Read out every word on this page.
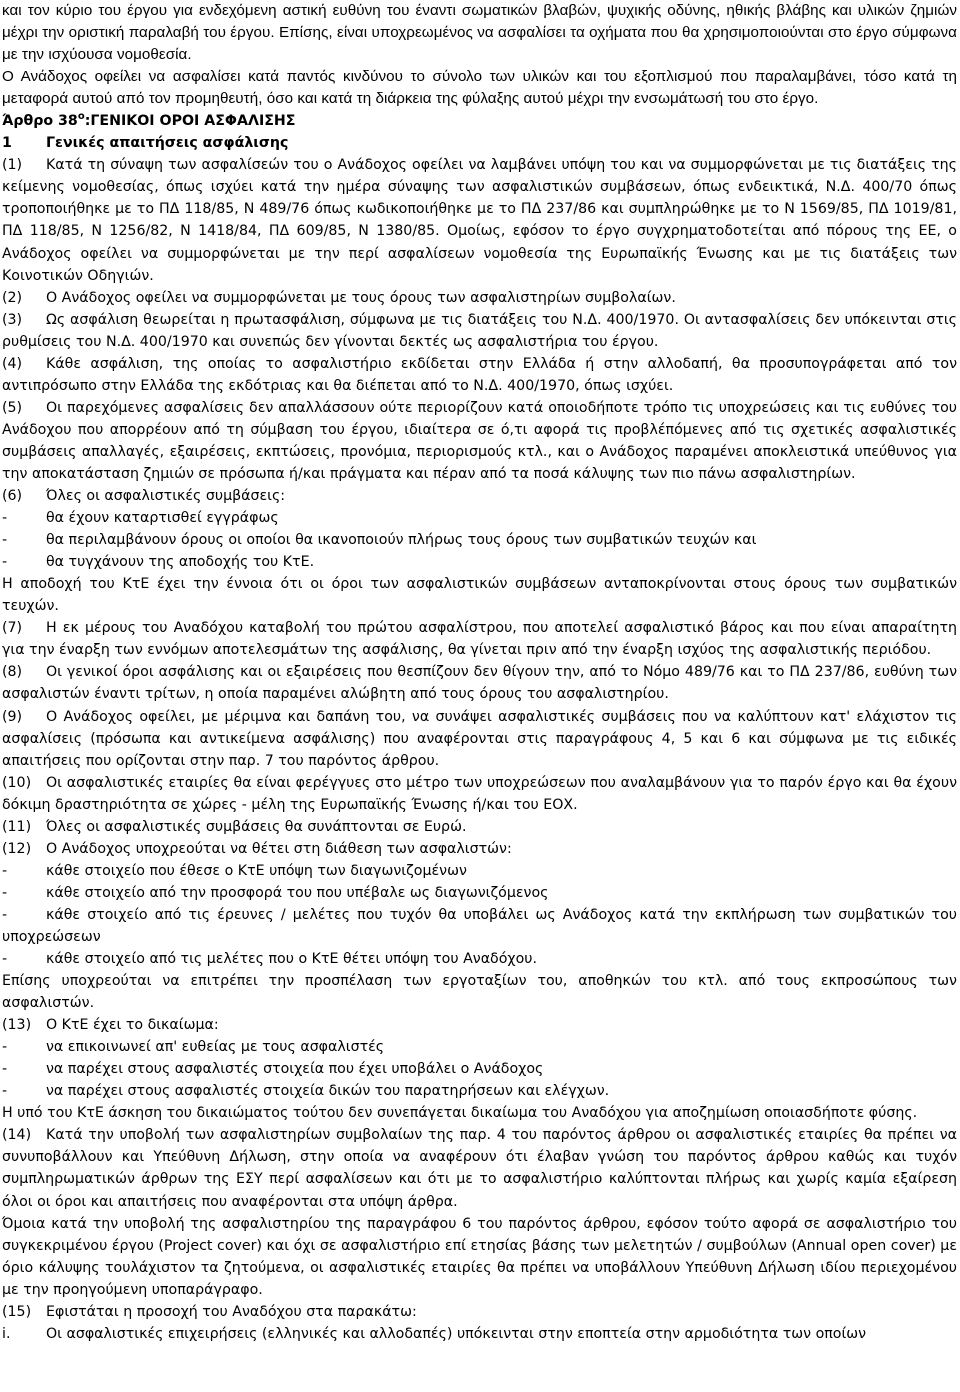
και τον κύριο του έργου για ενδεχόμενη αστική ευθύνη του έναντι σωματικών βλαβών, ψυχικής οδύνης, ηθικής βλάβης και υλικών ζημιών μέχρι την οριστική παραλαβή του έργου. Επίσης, είναι υποχρεωμένος να ασφαλίσει τα οχήματα που θα χρησιμοποιούνται στο έργο σύμφωνα με την ισχύουσα νομοθεσία.

Ο Ανάδοχος οφείλει να ασφαλίσει κατά παντός κινδύνου το σύνολο των υλικών και του εξοπλισμού που παραλαμβάνει, τόσο κατά τη μεταφορά αυτού από τον προμηθευτή, όσο και κατά τη διάρκεια της φύλαξης αυτού μέχρι την ενσωμάτωσή του στο έργο.

Άρθρο $38^o:\Gamma ENIKOI$ ΟΡΟΙ ΑΣΦΑΛΙΣΗΣ

1 Γενικές απαιτήσεις ασφάλισης

(1) Κατά τη σύναψη των ασφαλίσεών του ο Ανάδοχος οφείλει να λαμβάνει υπόψη του και να συμμορφώνεται με τις διατάξεις της κείμενης νομοθεσίας, όπως ισχύει κατά την ημέρα σύναψης των ασφαλιστικών συμβάσεων, όπως ενδεικτικά, Ν.Δ. 400/70 όπως τροποποιήθηκε με το ΠΔ 118/85, Ν 489/76 όπως κωδικοποιήθηκε με το ΠΔ 237/86 και συμπληρώθηκε με το Ν 1569/85, ΠΔ 1019/81, ΠΔ 118/85, Ν 1256/82, Ν 1418/84, ΠΔ 609/85, Ν 1380/85. Ομοίως, εφόσον το έργο συγχρηματοδοτείται από πόρους της ΕΕ, ο Ανάδοχος οφείλει να συμμορφώνεται με την περί ασφαλίσεων νομοθεσία της Ευρωπαϊκής Ένωσης και με τις διατάξεις των Κοινοτικών Οδηγιών.

(2) Ο Ανάδοχος οφείλει να συμμορφώνεται με τους όρους των ασφαλιστηρίων συμβολαίων.

(3) Ως ασφάλιση θεωρείται η πρωτασφάλιση, σύμφωνα με τις διατάξεις του Ν.Δ. 400/1970. Οι αντασφαλίσεις δεν υπόκεινται στις ρυθμίσεις του Ν.Δ. 400/1970 και συνεπώς δεν γίνονται δεκτές ως ασφαλιστήρια του έργου.

(4) Κάθε ασφάλιση, της οποίας το ασφαλιστήριο εκδίδεται στην Ελλάδα ή στην αλλοδαπή, θα προσυπογράφεται από τον αντιπρόσωπο στην Ελλάδα της εκδότριας και θα διέπεται από το Ν.Δ. 400/1970, όπως ισχύει.

(5) Οι παρεχόμενες ασφαλίσεις δεν απαλλάσσουν ούτε περιορίζουν κατά οποιοδήποτε τρόπο τις υποχρεώσεις και τις ευθύνες του Ανάδοχου που απορρέουν από τη σύμβαση του έργου, ιδιαίτερα σε ό,τι αφορά τις προβλέπόμενες από τις σχετικές ασφαλιστικές συμβάσεις απαλλαγές, εξαιρέσεις, εκπτώσεις, προνόμια, περιορισμούς κτλ., και ο Ανάδοχος παραμένει αποκλειστικά υπεύθυνος για την αποκατάσταση ζημιών σε πρόσωπα ή/και πράγματα και πέραν από τα ποσά κάλυψης των πιο πάνω ασφαλιστηρίων.

(6) Όλες οι ασφαλιστικές συμβάσεις:

-	θα έχουν καταρτισθεί εγγράφως

-	θα περιλαμβάνουν όρους οι οποίοι θα ικανοποιούν πλήρως τους όρους των συμβατικών τευχών και

-	θα τυγχάνουν της αποδοχής του ΚτΕ.

Η αποδοχή του ΚτΕ έχει την έννοια ότι οι όροι των ασφαλιστικών συμβάσεων ανταποκρίνονται στους όρους των συμβατικών τευχών.

(7) Η εκ μέρους του Αναδόχου καταβολή του πρώτου ασφαλίστρου, που αποτελεί ασφαλιστικό βάρος και που είναι απαραίτητη για την έναρξη των εννόμων αποτελεσμάτων της ασφάλισης, θα γίνεται πριν από την έναρξη ισχύος της ασφαλιστικής περιόδου.

(8) Οι γενικοί όροι ασφάλισης και οι εξαιρέσεις που θεσπίζουν δεν θίγουν την, από το Νόμο 489/76 και το ΠΔ 237/86, ευθύνη των ασφαλιστών έναντι τρίτων, η οποία παραμένει αλώβητη από τους όρους του ασφαλιστηρίου.

(9) Ο Ανάδοχος οφείλει, με μέριμνα και δαπάνη του, να συνάψει ασφαλιστικές συμβάσεις που να καλύπτουν κατ' ελάχιστον τις ασφαλίσεις (πρόσωπα και αντικείμενα ασφάλισης) που αναφέρονται στις παραγράφους 4, 5 και 6 και σύμφωνα με τις ειδικές απαιτήσεις που ορίζονται στην παρ. 7 του παρόντος άρθρου.

(10) Οι ασφαλιστικές εταιρίες θα είναι φερέγγυες στο μέτρο των υποχρεώσεων που αναλαμβάνουν για το παρόν έργο και θα έχουν δόκιμη δραστηριότητα σε χώρες - μέλη της Ευρωπαϊκής Ένωσης ή/και του ΕΟΧ.

(11) Όλες οι ασφαλιστικές συμβάσεις θα συνάπτονται σε Ευρώ.

(12) Ο Ανάδοχος υποχρεούται να θέτει στη διάθεση των ασφαλιστών:

-	κάθε στοιχείο που έθεσε ο ΚτΕ υπόψη των διαγωνιζομένων

-	κάθε στοιχείο από την προσφορά του που υπέβαλε ως διαγωνιζόμενος

-	κάθε στοιχείο από τις έρευνες / μελέτες που τυχόν θα υποβάλει ως Ανάδοχος κατά την εκπλήρωση των συμβατικών του υποχρεώσεων

-	κάθε στοιχείο από τις μελέτες που ο ΚτΕ θέτει υπόψη του Αναδόχου.

Επίσης υποχρεούται να επιτρέπει την προσπέλαση των εργοταξίων του, αποθηκών του κτλ. από τους εκπροσώπους των ασφαλιστών.

(13) Ο ΚτΕ έχει το δικαίωμα:

-	να επικοινωνεί απ' ευθείας με τους ασφαλιστές

-	να παρέχει στους ασφαλιστές στοιχεία που έχει υποβάλει ο Ανάδοχος

-	να παρέχει στους ασφαλιστές στοιχεία δικών του παρατηρήσεων και ελέγχων.

Η υπό του ΚτΕ άσκηση του δικαιώματος τούτου δεν συνεπάγεται δικαίωμα του Αναδόχου για αποζημίωση οποιασδήποτε φύσης.

(14) Κατά την υποβολή των ασφαλιστηρίων συμβολαίων της παρ. 4 του παρόντος άρθρου οι ασφαλιστικές εταιρίες θα πρέπει να συνυποβάλλουν και Υπεύθυνη Δήλωση, στην οποία να αναφέρουν ότι έλαβαν γνώση του παρόντος άρθρου καθώς και τυχόν συμπληρωματικών άρθρων της ΕΣΥ περί ασφαλίσεων και ότι με το ασφαλιστήριο καλύπτονται πλήρως και χωρίς καμία εξαίρεση όλοι οι όροι και απαιτήσεις που αναφέρονται στα υπόψη άρθρα.

Όμοια κατά την υποβολή της ασφαλιστηρίου της παραγράφου 6 του παρόντος άρθρου, εφόσον τούτο αφορά σε ασφαλιστήριο του συγκεκριμένου έργου (Project cover) και όχι σε ασφαλιστήριο επί ετησίας βάσης των μελετητών / συμβούλων (Annual open cover) με όριο κάλυψης τουλάχιστον τα ζητούμενα, οι ασφαλιστικές εταιρίες θα πρέπει να υποβάλλουν Υπεύθυνη Δήλωση ιδίου περιεχομένου με την προηγούμενη υποπαράγραφο.

(15) Εφιστάται η προσοχή του Αναδόχου στα παρακάτω:

i.	Οι ασφαλιστικές επιχειρήσεις (ελληνικές και αλλοδαπές) υπόκεινται στην εποπτεία στην αρμοδιότητα των οποίων
